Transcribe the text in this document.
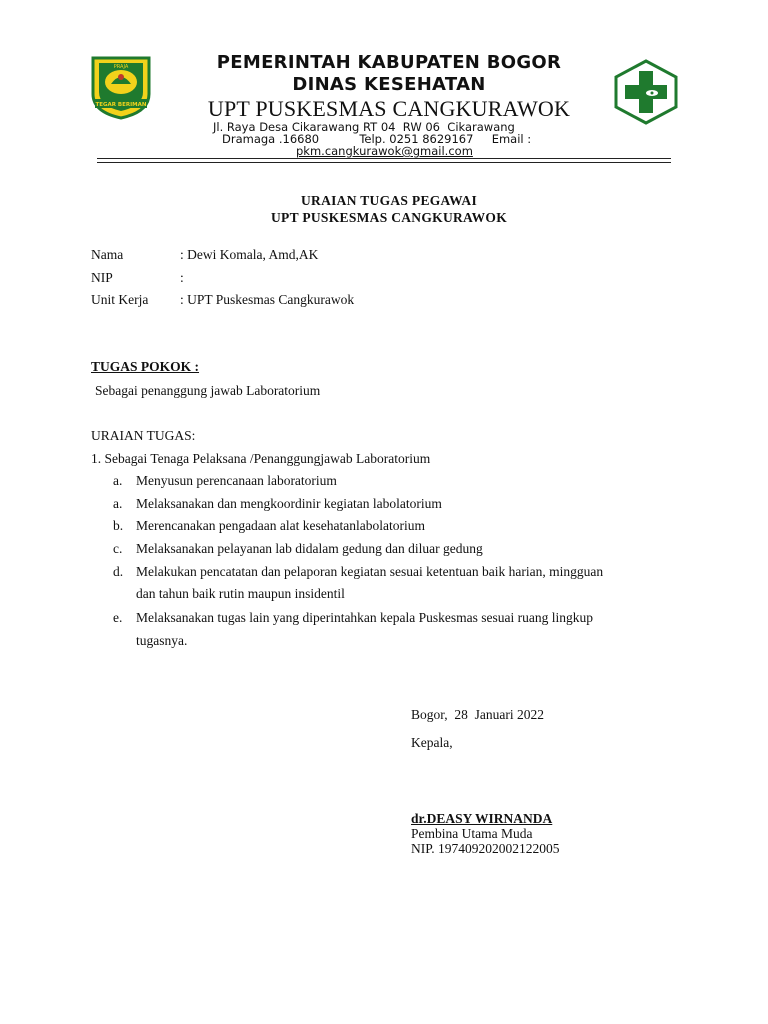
PRAJA
TEGAR BERIMAN
PEMERINTAH KABUPATEN BOGOR
DINAS KESEHATAN
UPT PUSKESMAS CANGKURAWOK
Jl. Raya Desa Cikarawang RT 04  RW 06  Cikarawang
Dramaga .16680           Telp. 0251 8629167     Email :
pkm.cangkurawok@gmail.com
URAIAN TUGAS PEGAWAI
UPT PUSKESMAS CANGKURAWOK
Nama	: Dewi Komala, Amd,AK
NIP	:
Unit Kerja : UPT Puskesmas Cangkurawok
TUGAS POKOK :
Sebagai penanggung jawab Laboratorium
URAIAN TUGAS:
1. Sebagai Tenaga Pelaksana /Penanggungjawab Laboratorium
a. Menyusun perencanaan laboratorium
a. Melaksanakan dan mengkoordinir kegiatan labolatorium
b. Merencanakan pengadaan alat kesehatanlabolatorium
c. Melaksanakan pelayanan lab didalam gedung dan diluar gedung
d. Melakukan pencatatan dan pelaporan kegiatan sesuai ketentuan baik harian, mingguan
dan tahun baik rutin maupun insidentil
e. Melaksanakan tugas lain yang diperintahkan kepala Puskesmas sesuai ruang lingkup
tugasnya.
Bogor,  28  Januari 2022
Kepala,
dr.DEASY WIRNANDA
Pembina Utama Muda
NIP. 197409202002122005
